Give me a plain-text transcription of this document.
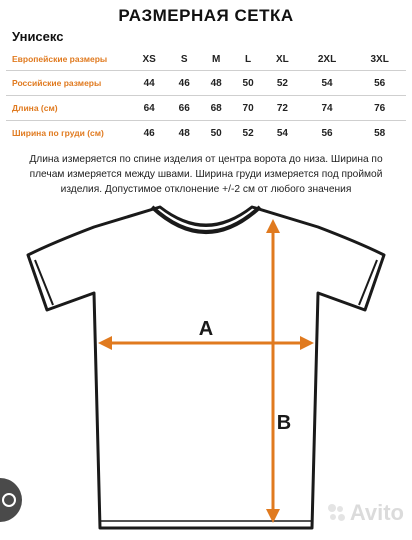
РАЗМЕРНАЯ СЕТКА
Унисекс
Европейские размеры	XS	S	M	L	XL	2XL	3XL
Российские размеры	44	46	48	50	52	54	56
Длина (см)	64	66	68	70	72	74	76
Ширина по груди (см)	46	48	50	52	54	56	58
Длина измеряется по спине изделия от центра ворота до низа. Ширина по
плечам измеряется между швами. Ширина груди измеряется под проймой
изделия. Допустимое отклонение +/-2 см от любого значения
A
B
Avito
